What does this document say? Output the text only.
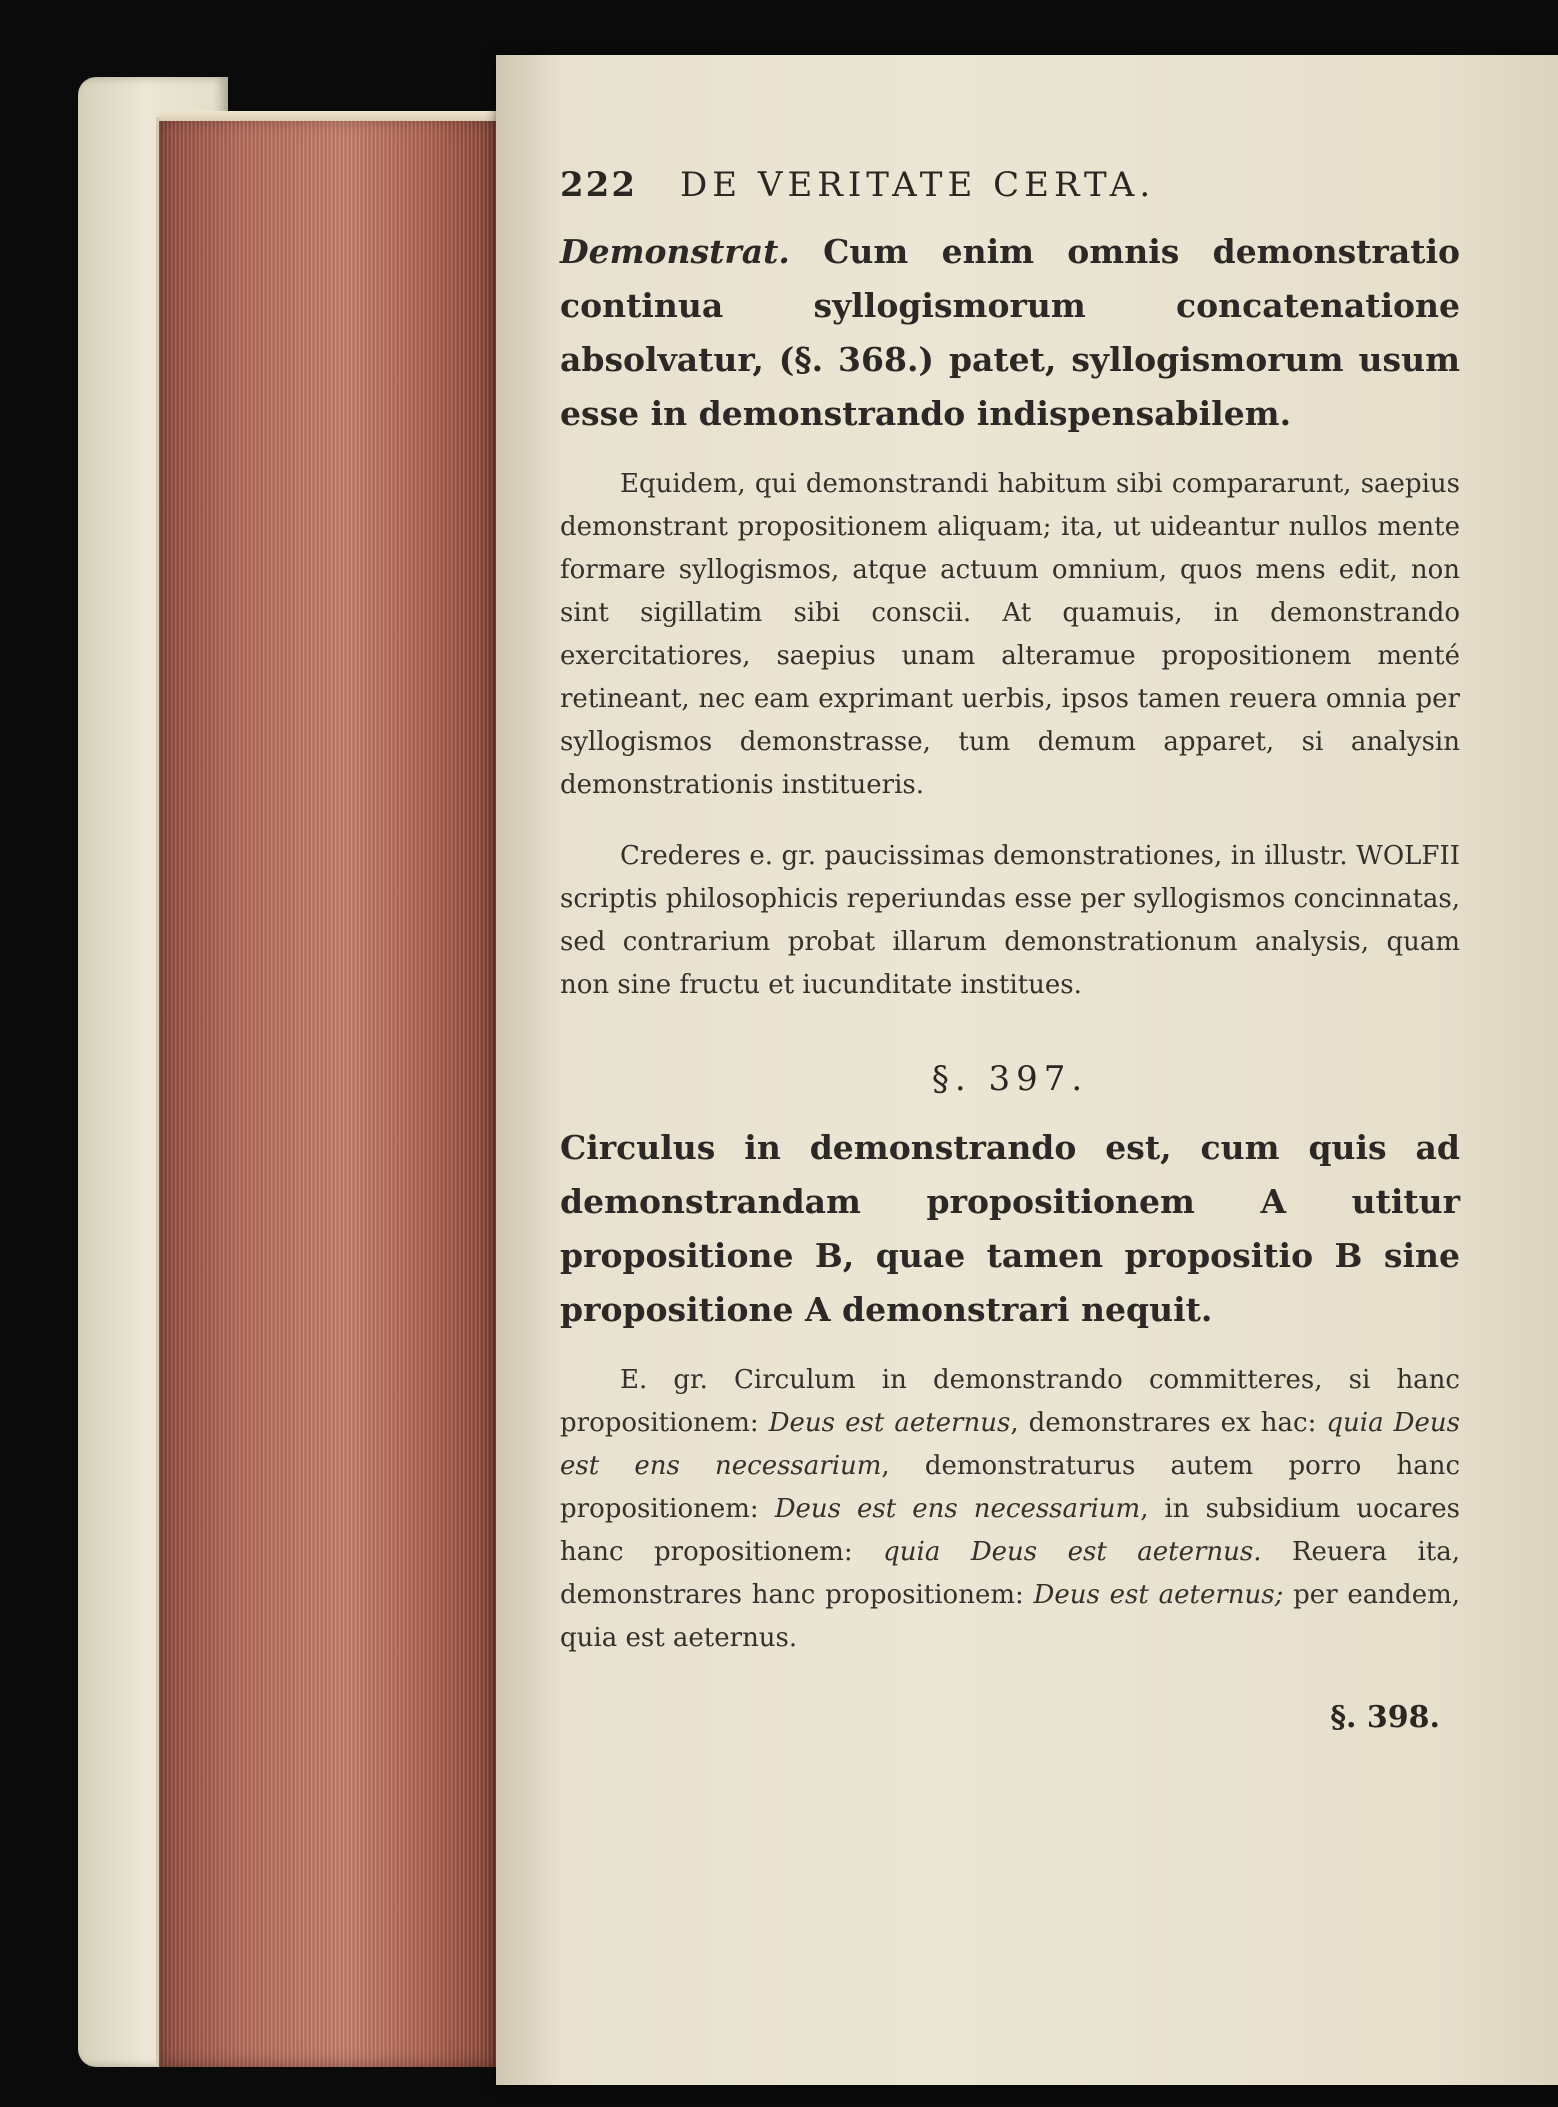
222	DE VERITATE CERTA.

Demonstrat. Cum enim omnis demonstratio continua syllogismorum concatenatione absolvatur, (§. 368.) patet, syllogismorum usum esse in demonstrando indispensabilem.

Equidem, qui demonstrandi habitum sibi compararunt, saepius demonstrant propositionem aliquam; ita, ut uideantur nullos mente formare syllogismos, atque actuum omnium, quos mens edit, non sint sigillatim sibi conscii. At quamuis, in demonstrando exercitatiores, saepius unam alteramue propositionem menté retineant, nec eam exprimant uerbis, ipsos tamen reuera omnia per syllogismos demonstrasse, tum demum apparet, si analysin demonstrationis institueris.

Crederes e. gr. paucissimas demonstrationes, in illustr. WOLFII scriptis philosophicis reperiundas esse per syllogismos concinnatas, sed contrarium probat illarum demonstrationum analysis, quam non sine fructu et iucunditate institues.

§. 397.

Circulus in demonstrando est, cum quis ad demonstrandam propositionem A utitur propositione B, quae tamen propositio B sine propositione A demonstrari nequit.

E. gr. Circulum in demonstrando committeres, si hanc propositionem: Deus est aeternus, demonstrares ex hac: quia Deus est ens necessarium, demonstraturus autem porro hanc propositionem: Deus est ens necessarium, in subsidium uocares hanc propositionem: quia Deus est aeternus. Reuera ita, demonstrares hanc propositionem: Deus est aeternus; per eandem, quia est aeternus.

§. 398.
